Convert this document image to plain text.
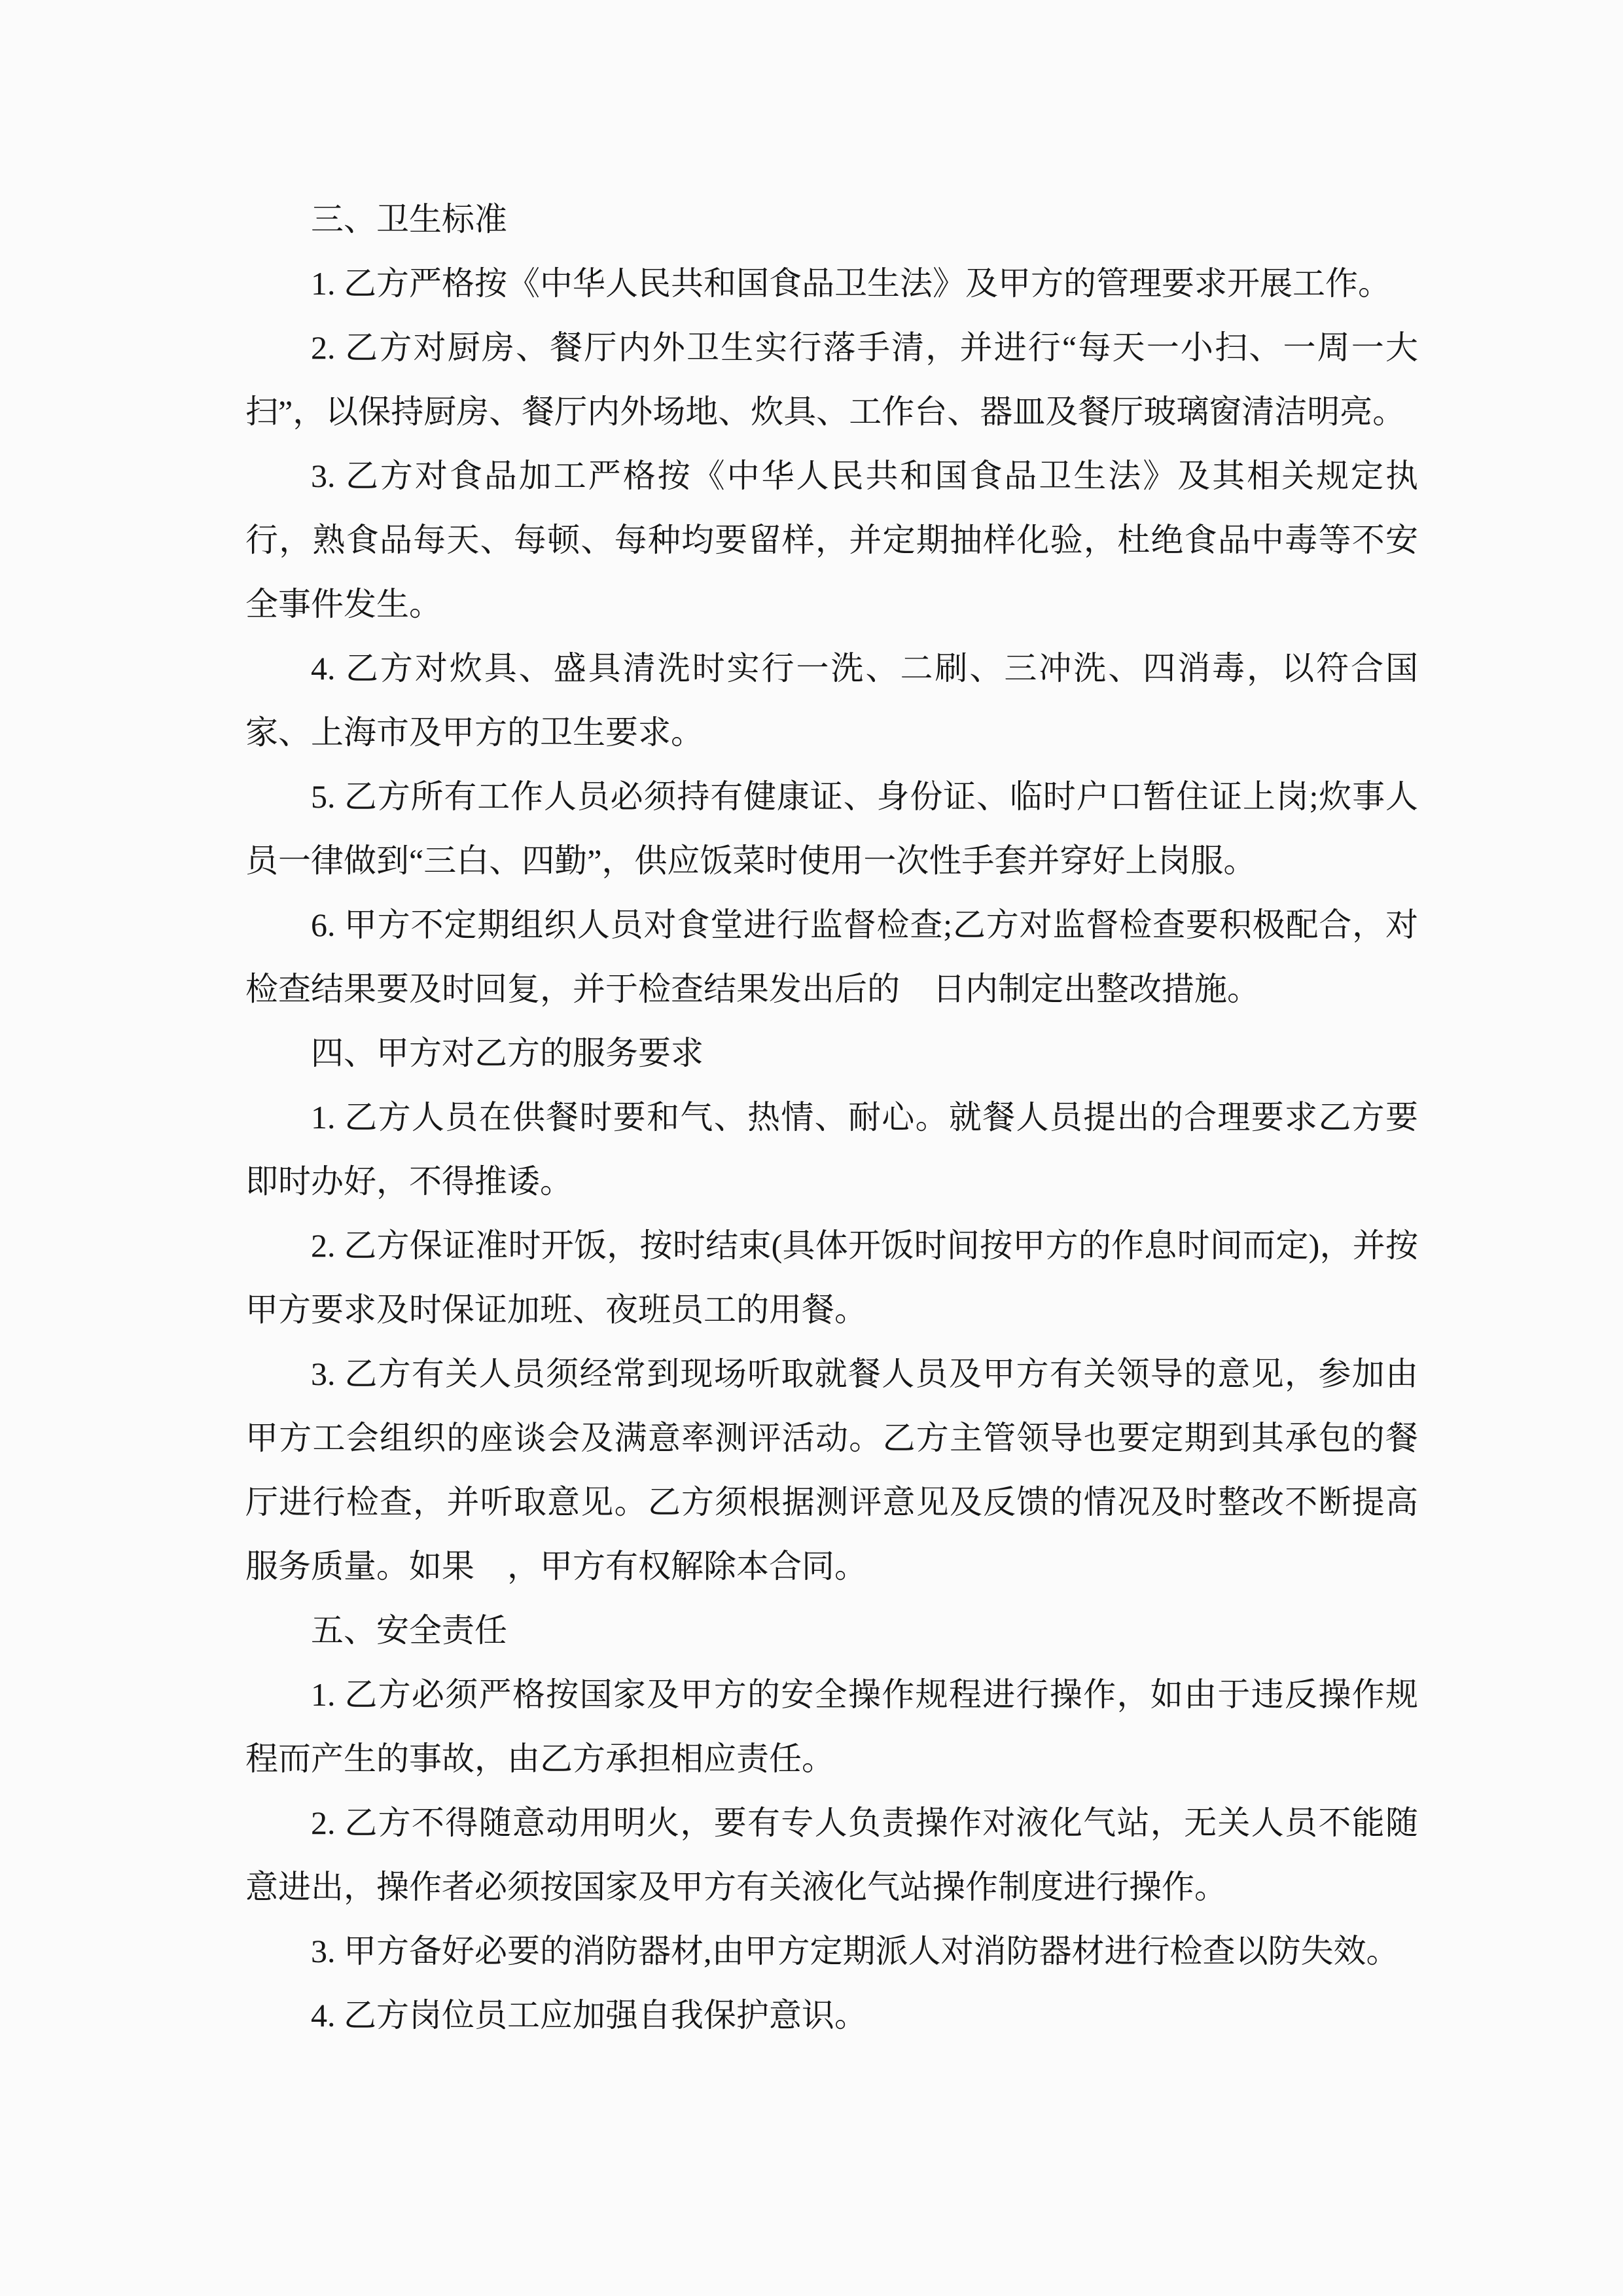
三、卫生标准

1. 乙方严格按《中华人民共和国食品卫生法》及甲方的管理要求开展工作。

2. 乙方对厨房、餐厅内外卫生实行落手清，并进行“每天一小扫、一周一大扫”，以保持厨房、餐厅内外场地、炊具、工作台、器皿及餐厅玻璃窗清洁明亮。

3. 乙方对食品加工严格按《中华人民共和国食品卫生法》及其相关规定执行，熟食品每天、每顿、每种均要留样，并定期抽样化验，杜绝食品中毒等不安全事件发生。

4. 乙方对炊具、盛具清洗时实行一洗、二刷、三冲洗、四消毒，以符合国家、上海市及甲方的卫生要求。

5. 乙方所有工作人员必须持有健康证、身份证、临时户口暂住证上岗;炊事人员一律做到“三白、四勤”，供应饭菜时使用一次性手套并穿好上岗服。

6. 甲方不定期组织人员对食堂进行监督检查;乙方对监督检查要积极配合，对检查结果要及时回复，并于检查结果发出后的　日内制定出整改措施。

四、甲方对乙方的服务要求

1. 乙方人员在供餐时要和气、热情、耐心。就餐人员提出的合理要求乙方要即时办好，不得推诿。

2. 乙方保证准时开饭，按时结束(具体开饭时间按甲方的作息时间而定)，并按甲方要求及时保证加班、夜班员工的用餐。

3. 乙方有关人员须经常到现场听取就餐人员及甲方有关领导的意见，参加由甲方工会组织的座谈会及满意率测评活动。乙方主管领导也要定期到其承包的餐厅进行检查，并听取意见。乙方须根据测评意见及反馈的情况及时整改不断提高服务质量。如果　，甲方有权解除本合同。

五、安全责任

1. 乙方必须严格按国家及甲方的安全操作规程进行操作，如由于违反操作规程而产生的事故，由乙方承担相应责任。

2. 乙方不得随意动用明火，要有专人负责操作对液化气站，无关人员不能随意进出，操作者必须按国家及甲方有关液化气站操作制度进行操作。

3. 甲方备好必要的消防器材,由甲方定期派人对消防器材进行检查以防失效。

4. 乙方岗位员工应加强自我保护意识。
